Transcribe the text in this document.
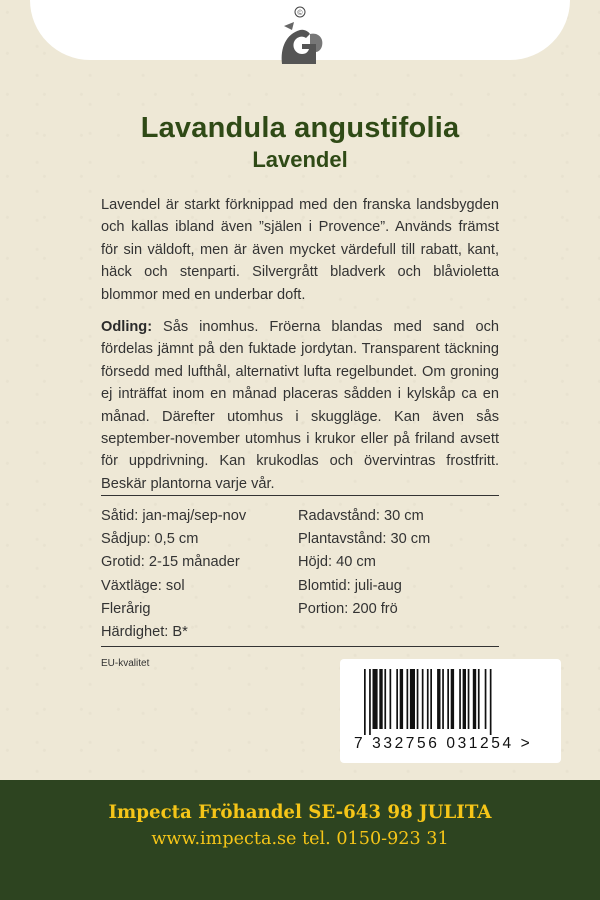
©
Lavandula angustifolia
Lavendel
Lavendel är starkt förknippad med den franska landsbygden och kallas ibland även ”själen i Provence”. Används främst för sin väldoft, men är även mycket värdefull till rabatt, kant, häck och stenparti. Silvergrått bladverk och blåvioletta blommor med en underbar doft.
Odling: Sås inomhus. Fröerna blandas med sand och fördelas jämnt på den fuktade jordytan. Transparent täckning försedd med lufthål, alternativt lufta regelbundet. Om groning ej inträffat inom en månad placeras sådden i kylskåp ca en månad. Därefter utomhus i skuggläge. Kan även sås september-november utomhus i krukor eller på friland avsett för uppdrivning. Kan krukodlas och övervintras frostfritt. Beskär plantorna varje vår.
Såtid: jan-maj/sep-nov
Sådjup: 0,5 cm
Grotid: 2-15 månader
Växtläge: sol
Flerårig
Härdighet: B*
Radavstånd: 30 cm
Plantavstånd: 30 cm
Höjd: 40 cm
Blomtid: juli-aug
Portion: 200 frö
EU-kvalitet
7 332756 031254 >
Impecta Fröhandel SE-643 98 JULITA
www.impecta.se tel. 0150-923 31
